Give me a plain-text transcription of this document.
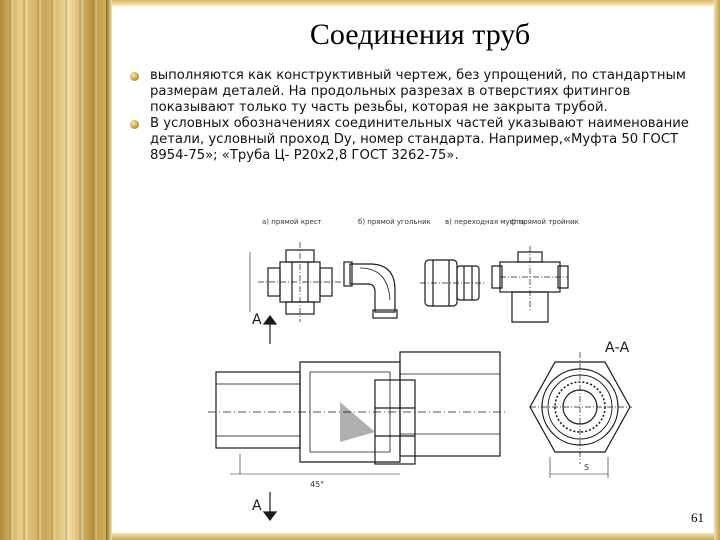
Соединения труб
выполняются как конструктивный чертеж, без упрощений, по стандартным размерам деталей. На продольных разрезах в отверстиях фитингов показывают только ту часть резьбы, которая не закрыта трубой.
В условных обозначениях соединительных частей указывают наименование детали, условный проход Dy, номер стандарта. Например,«Муфта 50 ГОСТ 8954-75»; «Труба Ц- Р20х2,8 ГОСТ 3262-75».
а) прямой крест	б) прямой угольник в) переходная муфта
г) прямой тройник
А
А
45°
А-А
S
61
